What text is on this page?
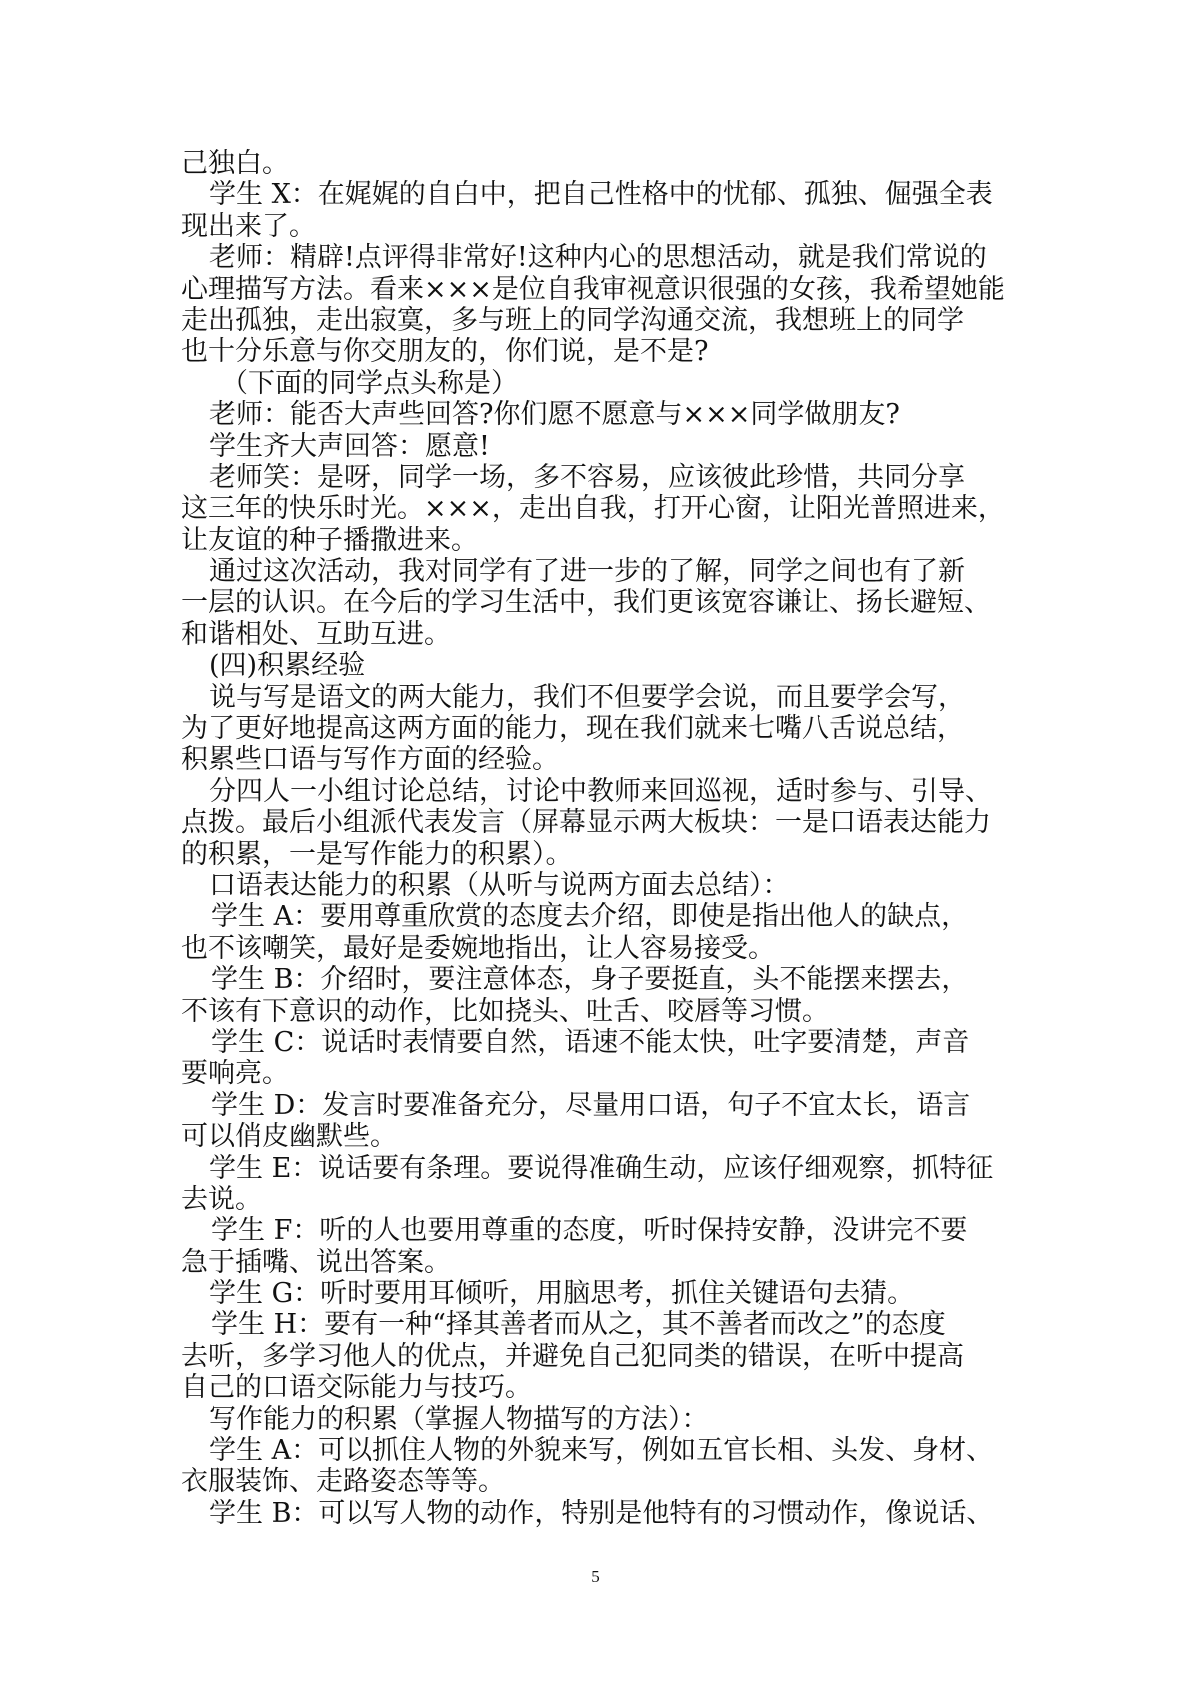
己独白。
学生 X：在娓娓的自白中，把自己性格中的忧郁、孤独、倔强全表
现出来了。
老师：精辟!点评得非常好!这种内心的思想活动，就是我们常说的
心理描写方法。看来×××是位自我审视意识很强的女孩，我希望她能
走出孤独，走出寂寞，多与班上的同学沟通交流，我想班上的同学
也十分乐意与你交朋友的，你们说，是不是?
（下面的同学点头称是）
老师：能否大声些回答?你们愿不愿意与×××同学做朋友?
学生齐大声回答：愿意!
老师笑：是呀，同学一场，多不容易，应该彼此珍惜，共同分享
这三年的快乐时光。×××，走出自我，打开心窗，让阳光普照进来，
让友谊的种子播撒进来。
通过这次活动，我对同学有了进一步的了解，同学之间也有了新
一层的认识。在今后的学习生活中，我们更该宽容谦让、扬长避短、
和谐相处、互助互进。
(四)积累经验
说与写是语文的两大能力，我们不但要学会说，而且要学会写，
为了更好地提高这两方面的能力，现在我们就来七嘴八舌说总结，
积累些口语与写作方面的经验。
分四人一小组讨论总结，讨论中教师来回巡视，适时参与、引导、
点拨。最后小组派代表发言（屏幕显示两大板块：一是口语表达能力
的积累，一是写作能力的积累）。
口语表达能力的积累（从听与说两方面去总结）：
学生 A：要用尊重欣赏的态度去介绍，即使是指出他人的缺点，
也不该嘲笑，最好是委婉地指出，让人容易接受。
学生 B：介绍时，要注意体态，身子要挺直，头不能摆来摆去，
不该有下意识的动作，比如挠头、吐舌、咬唇等习惯。
学生 C：说话时表情要自然，语速不能太快，吐字要清楚，声音
要响亮。
学生 D：发言时要准备充分，尽量用口语，句子不宜太长，语言
可以俏皮幽默些。
学生 E：说话要有条理。要说得准确生动，应该仔细观察，抓特征
去说。
学生 F：听的人也要用尊重的态度，听时保持安静，没讲完不要
急于插嘴、说出答案。
学生 G：听时要用耳倾听，用脑思考，抓住关键语句去猜。
学生 H：要有一种“择其善者而从之，其不善者而改之”的态度
去听，多学习他人的优点，并避免自己犯同类的错误，在听中提高
自己的口语交际能力与技巧。
写作能力的积累（掌握人物描写的方法）：
学生 A：可以抓住人物的外貌来写，例如五官长相、头发、身材、
衣服装饰、走路姿态等等。
学生 B：可以写人物的动作，特别是他特有的习惯动作，像说话、
5
